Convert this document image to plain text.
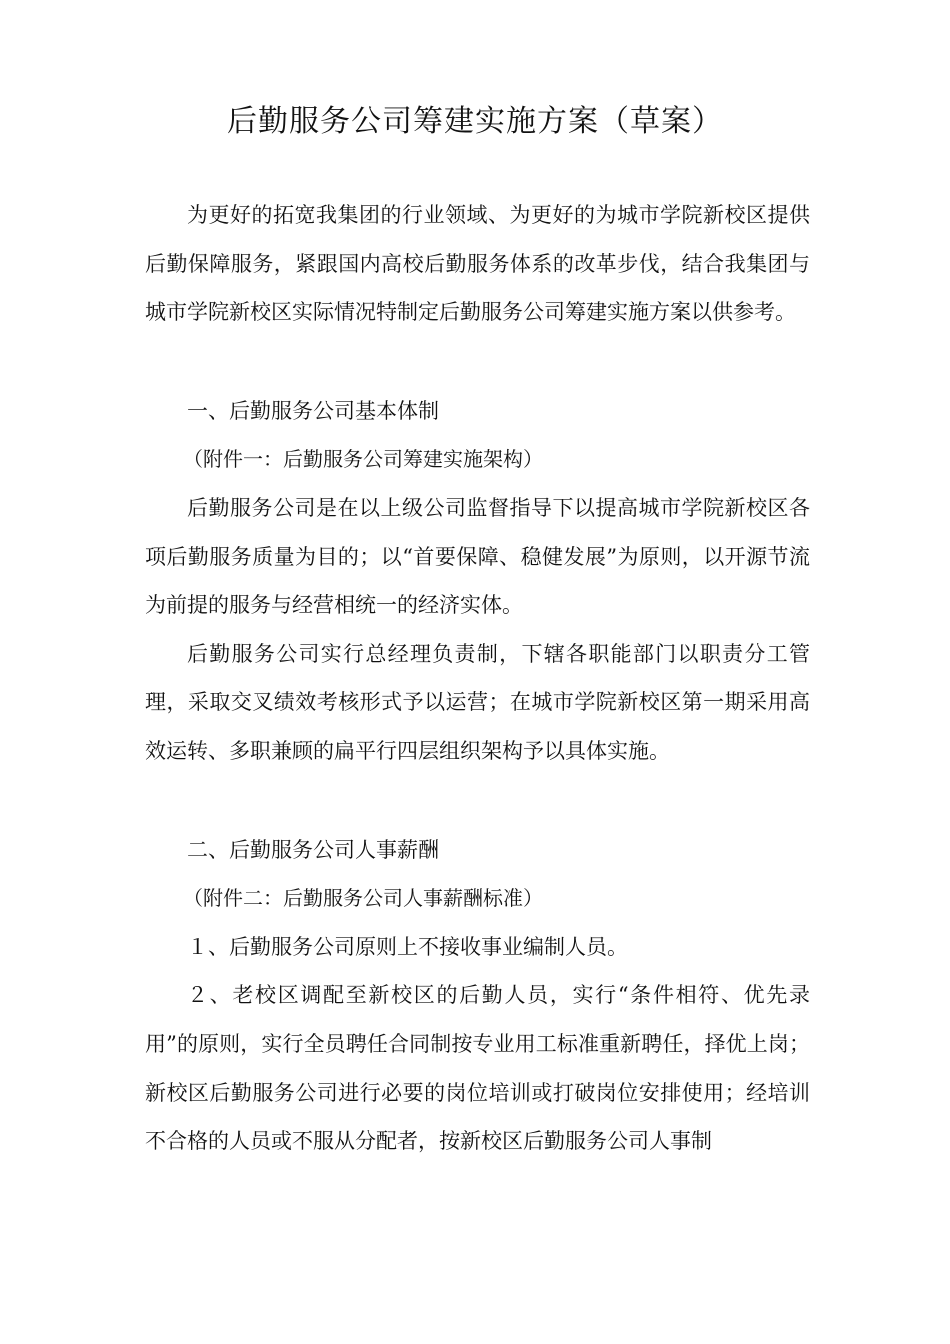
后勤服务公司筹建实施方案（草案）

为更好的拓宽我集团的行业领域、为更好的为城市学院新校区提供后勤保障服务，紧跟国内高校后勤服务体系的改革步伐，结合我集团与城市学院新校区实际情况特制定后勤服务公司筹建实施方案以供参考。

一、后勤服务公司基本体制

（附件一：后勤服务公司筹建实施架构）

后勤服务公司是在以上级公司监督指导下以提高城市学院新校区各项后勤服务质量为目的；以“首要保障、稳健发展”为原则，以开源节流为前提的服务与经营相统一的经济实体。

后勤服务公司实行总经理负责制，下辖各职能部门以职责分工管理，采取交叉绩效考核形式予以运营；在城市学院新校区第一期采用高效运转、多职兼顾的扁平行四层组织架构予以具体实施。

二、后勤服务公司人事薪酬

（附件二：后勤服务公司人事薪酬标准）

１、后勤服务公司原则上不接收事业编制人员。

２、老校区调配至新校区的后勤人员，实行“条件相符、优先录用”的原则，实行全员聘任合同制按专业用工标准重新聘任，择优上岗；新校区后勤服务公司进行必要的岗位培训或打破岗位安排使用；经培训不合格的人员或不服从分配者，按新校区后勤服务公司人事制
